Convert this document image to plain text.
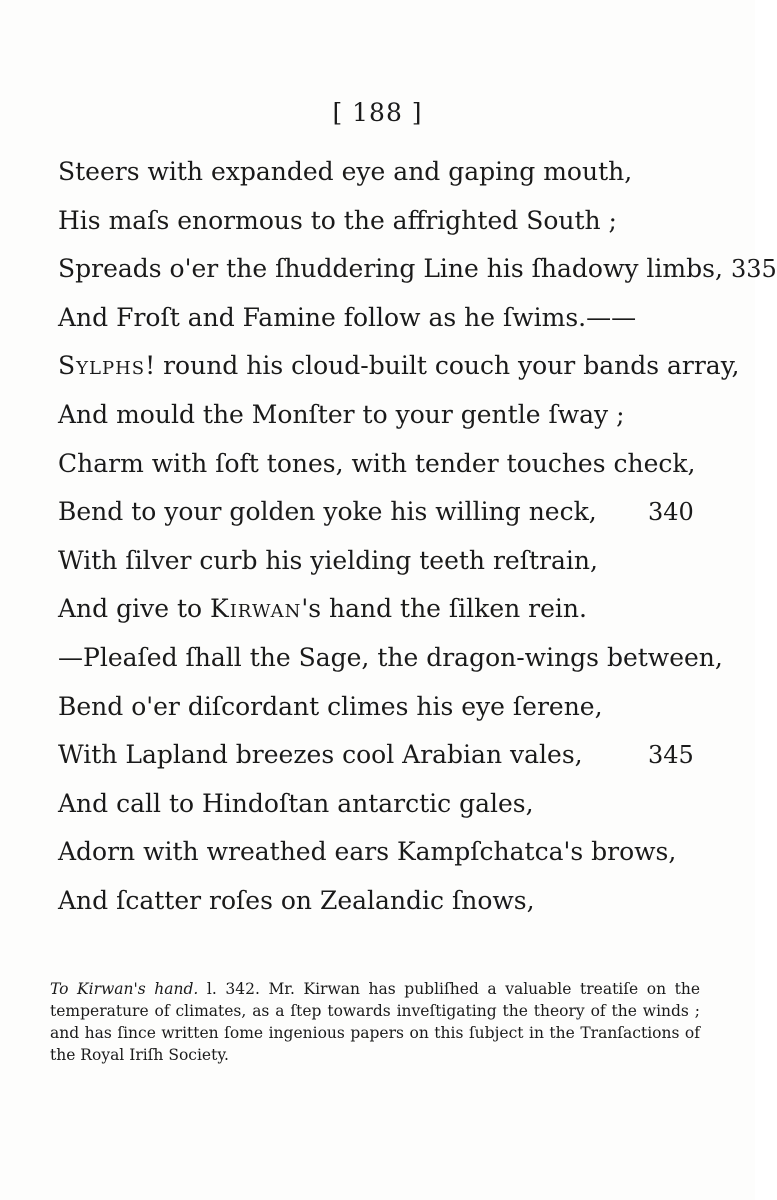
[ 188 ]
Steers with expanded eye and gaping mouth,
His maſs enormous to the affrighted South ;
Spreads o'er the ſhuddering Line his ſhadowy limbs, 335
And Froſt and Famine follow as he ſwims.——
Sylphs! round his cloud-built couch your bands array,
And mould the Monſter to your gentle ſway ;
Charm with ſoft tones, with tender touches check,
Bend to your golden yoke his willing neck, 340
With ſilver curb his yielding teeth reſtrain,
And give to Kirwan's hand the ſilken rein.
—Pleaſed ſhall the Sage, the dragon-wings between,
Bend o'er diſcordant climes his eye ſerene,
With Lapland breezes cool Arabian vales,	345
And call to Hindoſtan antarctic gales,
Adorn with wreathed ears Kampſchatca's brows,
And ſcatter roſes on Zealandic ſnows,
To Kirwan's hand. l. 342. Mr. Kirwan has publiſhed a valuable treatiſe on the temperature of climates, as a ſtep towards inveſtigating the theory of the winds ; and has ſince written ſome ingenious papers on this ſubject in the Tranſactions of the Royal Iriſh Society.
